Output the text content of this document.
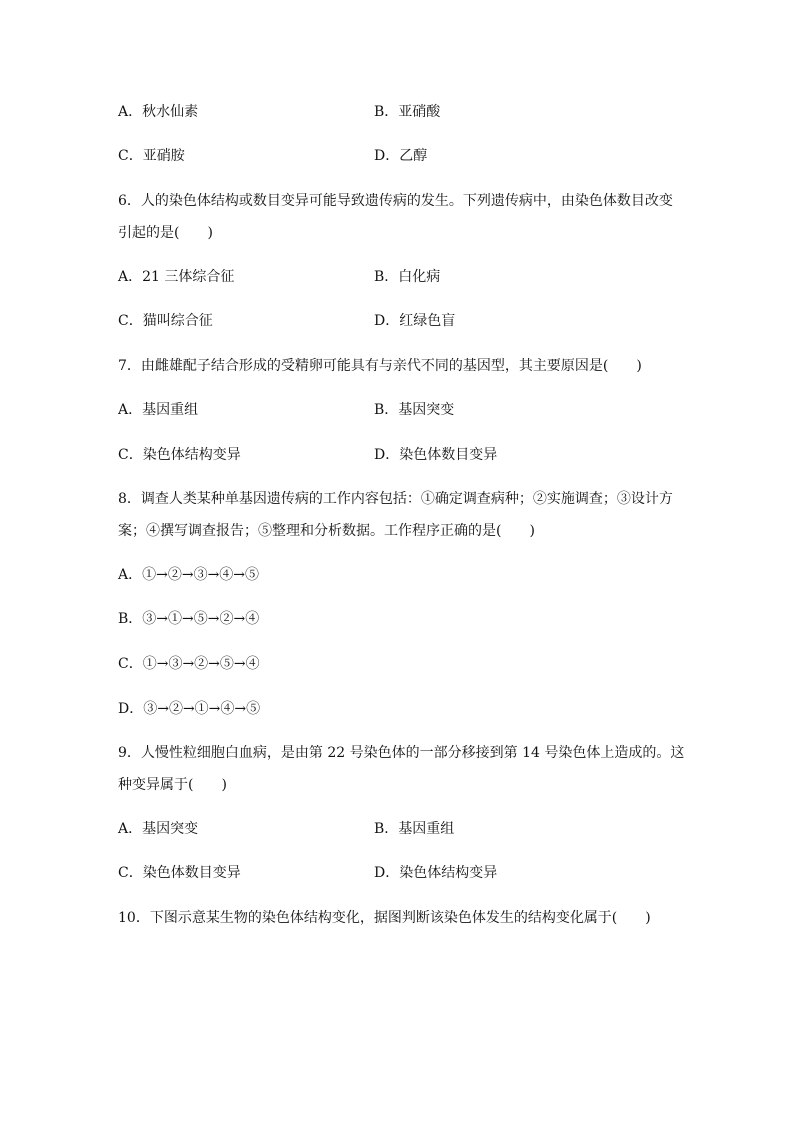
A．秋水仙素	B．亚硝酸
C．亚硝胺	D．乙醇
6．人的染色体结构或数目变异可能导致遗传病的发生。下列遗传病中，由染色体数目改变
引起的是(　　)
A．21 三体综合征	B．白化病
C．猫叫综合征	D．红绿色盲
7．由雌雄配子结合形成的受精卵可能具有与亲代不同的基因型，其主要原因是(　　)
A．基因重组	B．基因突变
C．染色体结构变异	D．染色体数目变异
8．调查人类某种单基因遗传病的工作内容包括：①确定调查病种；②实施调查；③设计方
案；④撰写调查报告；⑤整理和分析数据。工作程序正确的是(　　)
A．①→②→③→④→⑤
B．③→①→⑤→②→④
C．①→③→②→⑤→④
D．③→②→①→④→⑤
9．人慢性粒细胞白血病，是由第 22 号染色体的一部分移接到第 14 号染色体上造成的。这
种变异属于(　　)
A．基因突变	B．基因重组
C．染色体数目变异	D．染色体结构变异
10．下图示意某生物的染色体结构变化，据图判断该染色体发生的结构变化属于(　　)
